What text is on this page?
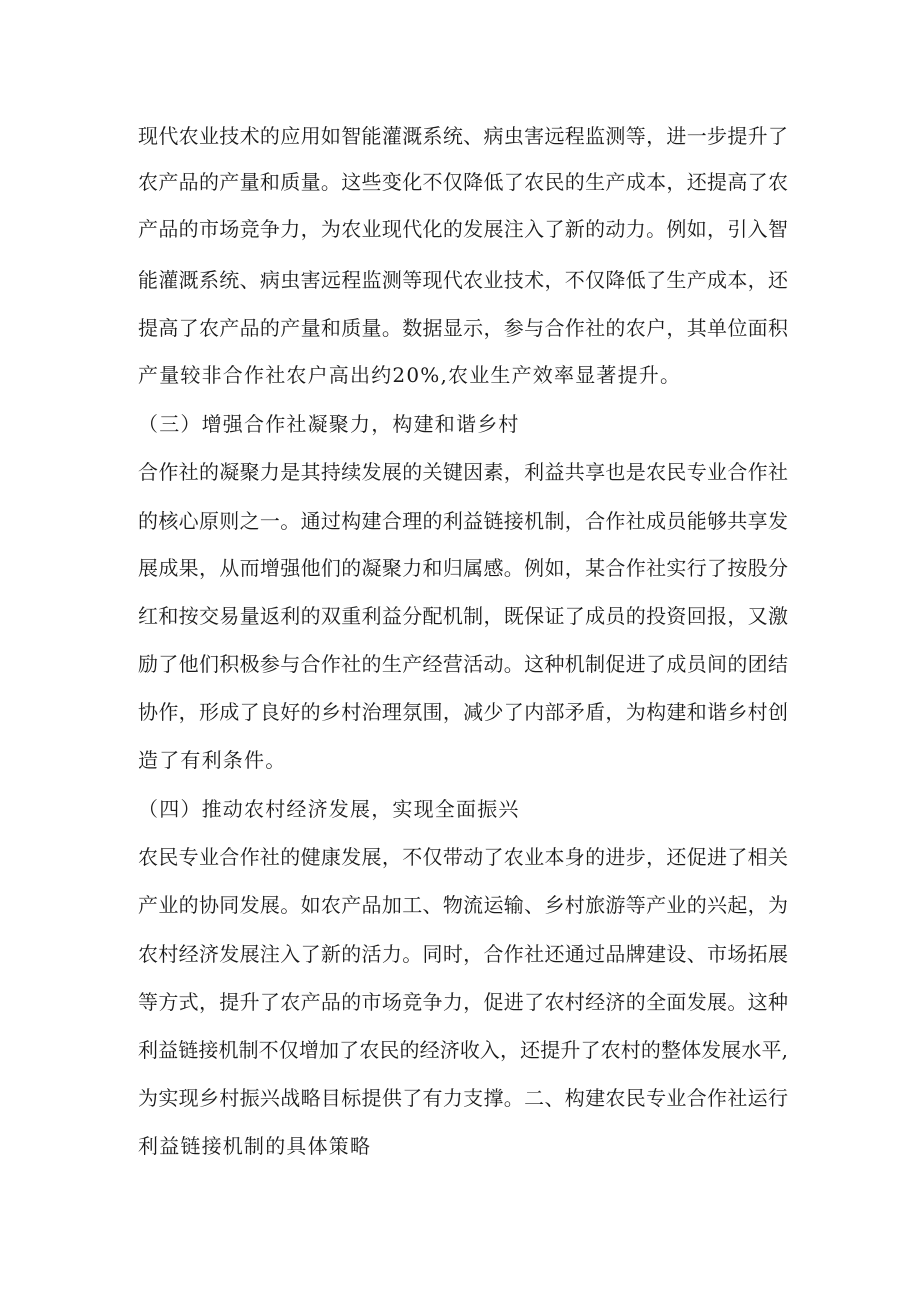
现代农业技术的应用如智能灌溉系统、病虫害远程监测等，进一步提升了
农产品的产量和质量。这些变化不仅降低了农民的生产成本，还提高了农
产品的市场竞争力，为农业现代化的发展注入了新的动力。例如，引入智
能灌溉系统、病虫害远程监测等现代农业技术，不仅降低了生产成本，还
提高了农产品的产量和质量。数据显示，参与合作社的农户，其单位面积
产量较非合作社农户高出约20%,农业生产效率显著提升。
（三）增强合作社凝聚力，构建和谐乡村
合作社的凝聚力是其持续发展的关键因素，利益共享也是农民专业合作社
的核心原则之一。通过构建合理的利益链接机制，合作社成员能够共享发
展成果，从而增强他们的凝聚力和归属感。例如，某合作社实行了按股分
红和按交易量返利的双重利益分配机制，既保证了成员的投资回报，又激
励了他们积极参与合作社的生产经营活动。这种机制促进了成员间的团结
协作，形成了良好的乡村治理氛围，减少了内部矛盾，为构建和谐乡村创
造了有利条件。
（四）推动农村经济发展，实现全面振兴
农民专业合作社的健康发展，不仅带动了农业本身的进步，还促进了相关
产业的协同发展。如农产品加工、物流运输、乡村旅游等产业的兴起，为
农村经济发展注入了新的活力。同时，合作社还通过品牌建设、市场拓展
等方式，提升了农产品的市场竞争力，促进了农村经济的全面发展。这种
利益链接机制不仅增加了农民的经济收入，还提升了农村的整体发展水平,
为实现乡村振兴战略目标提供了有力支撑。二、构建农民专业合作社运行
利益链接机制的具体策略
